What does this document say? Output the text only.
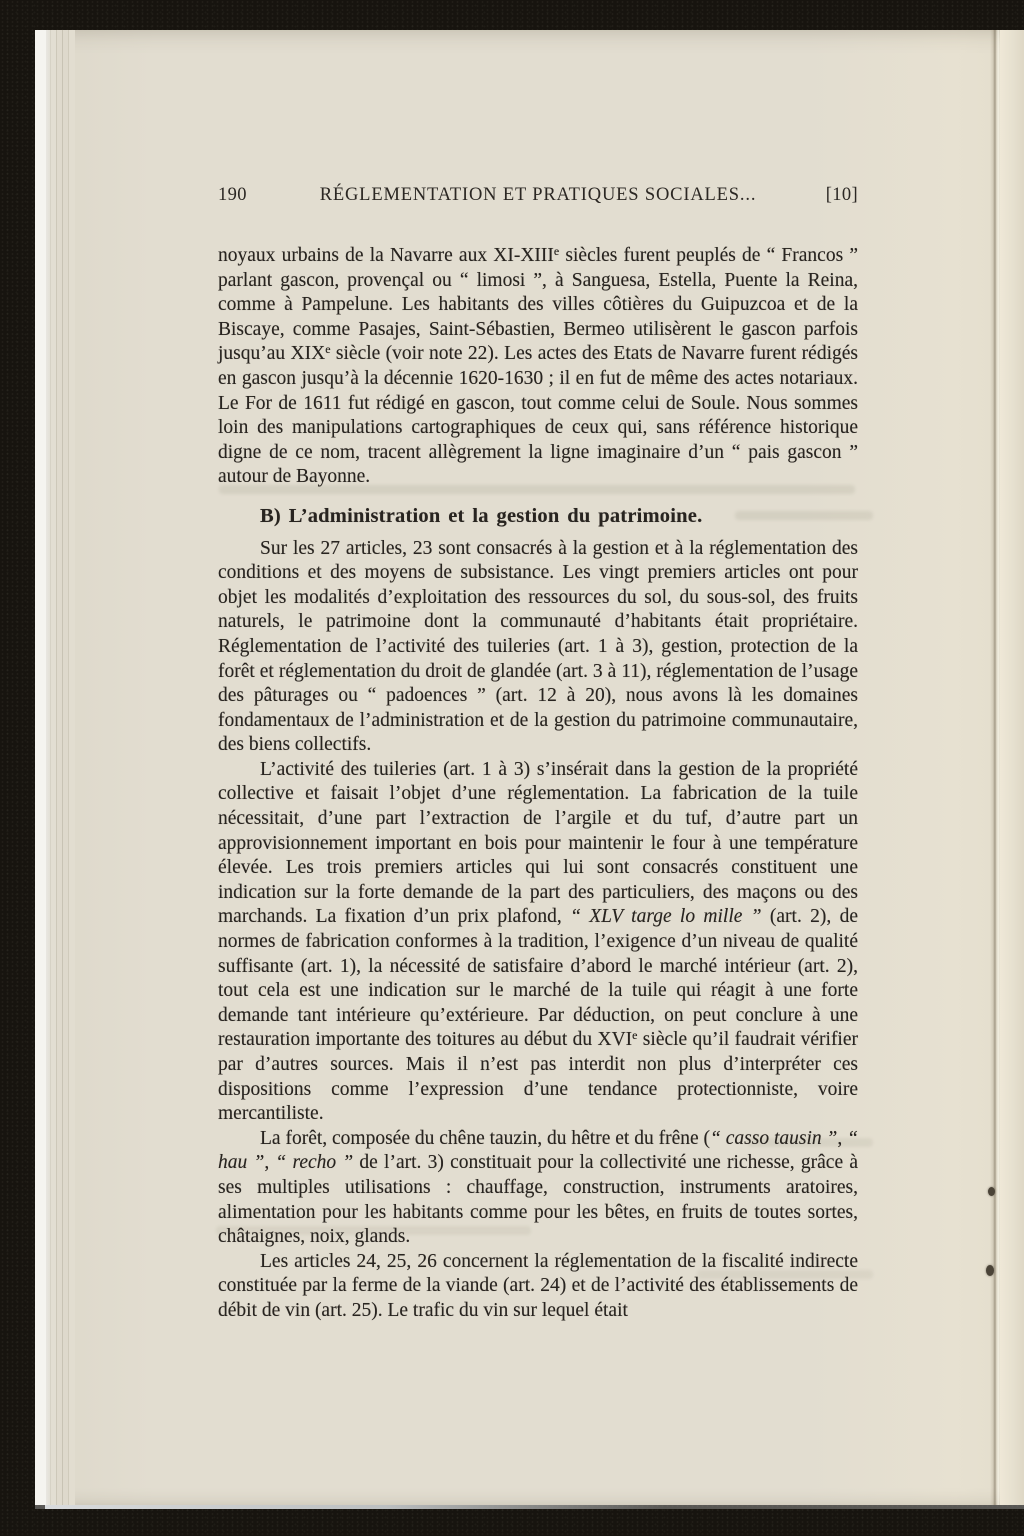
190	RÉGLEMENTATION ET PRATIQUES SOCIALES...	[10]

noyaux urbains de la Navarre aux XI-XIIIe siècles furent peuplés de “ Francos ” parlant gascon, provençal ou “ limosi ”, à Sanguesa, Estella, Puente la Reina, comme à Pampelune. Les habitants des villes côtières du Guipuzcoa et de la Biscaye, comme Pasajes, Saint-Sébastien, Bermeo utilisèrent le gascon parfois jusqu’au XIXe siècle (voir note 22). Les actes des Etats de Navarre furent rédigés en gascon jusqu’à la décennie 1620-1630 ; il en fut de même des actes notariaux. Le For de 1611 fut rédigé en gascon, tout comme celui de Soule. Nous sommes loin des manipulations cartographiques de ceux qui, sans référence historique digne de ce nom, tracent allègrement la ligne imaginaire d’un “ pais gascon ” autour de Bayonne.

B) L’administration et la gestion du patrimoine.

Sur les 27 articles, 23 sont consacrés à la gestion et à la réglementation des conditions et des moyens de subsistance. Les vingt premiers articles ont pour objet les modalités d’exploitation des ressources du sol, du sous-sol, des fruits naturels, le patrimoine dont la communauté d’habitants était propriétaire. Réglementation de l’activité des tuileries (art. 1 à 3), gestion, protection de la forêt et réglementation du droit de glandée (art. 3 à 11), réglementation de l’usage des pâturages ou “ padoences ” (art. 12 à 20), nous avons là les domaines fondamentaux de l’administration et de la gestion du patrimoine communautaire, des biens collectifs.

L’activité des tuileries (art. 1 à 3) s’insérait dans la gestion de la propriété collective et faisait l’objet d’une réglementation. La fabrication de la tuile nécessitait, d’une part l’extraction de l’argile et du tuf, d’autre part un approvisionnement important en bois pour maintenir le four à une température élevée. Les trois premiers articles qui lui sont consacrés constituent une indication sur la forte demande de la part des particuliers, des maçons ou des marchands. La fixation d’un prix plafond, “ XLV targe lo mille ” (art. 2), de normes de fabrication conformes à la tradition, l’exigence d’un niveau de qualité suffisante (art. 1), la nécessité de satisfaire d’abord le marché intérieur (art. 2), tout cela est une indication sur le marché de la tuile qui réagit à une forte demande tant intérieure qu’extérieure. Par déduction, on peut conclure à une restauration importante des toitures au début du XVIe siècle qu’il faudrait vérifier par d’autres sources. Mais il n’est pas interdit non plus d’interpréter ces dispositions comme l’expression d’une tendance protectionniste, voire mercantiliste.

La forêt, composée du chêne tauzin, du hêtre et du frêne (“ casso tausin ”, “ hau ”, “ recho ” de l’art. 3) constituait pour la collectivité une richesse, grâce à ses multiples utilisations : chauffage, construction, instruments aratoires, alimentation pour les habitants comme pour les bêtes, en fruits de toutes sortes, châtaignes, noix, glands.

Les articles 24, 25, 26 concernent la réglementation de la fiscalité indirecte constituée par la ferme de la viande (art. 24) et de l’activité des établissements de débit de vin (art. 25). Le trafic du vin sur lequel était
